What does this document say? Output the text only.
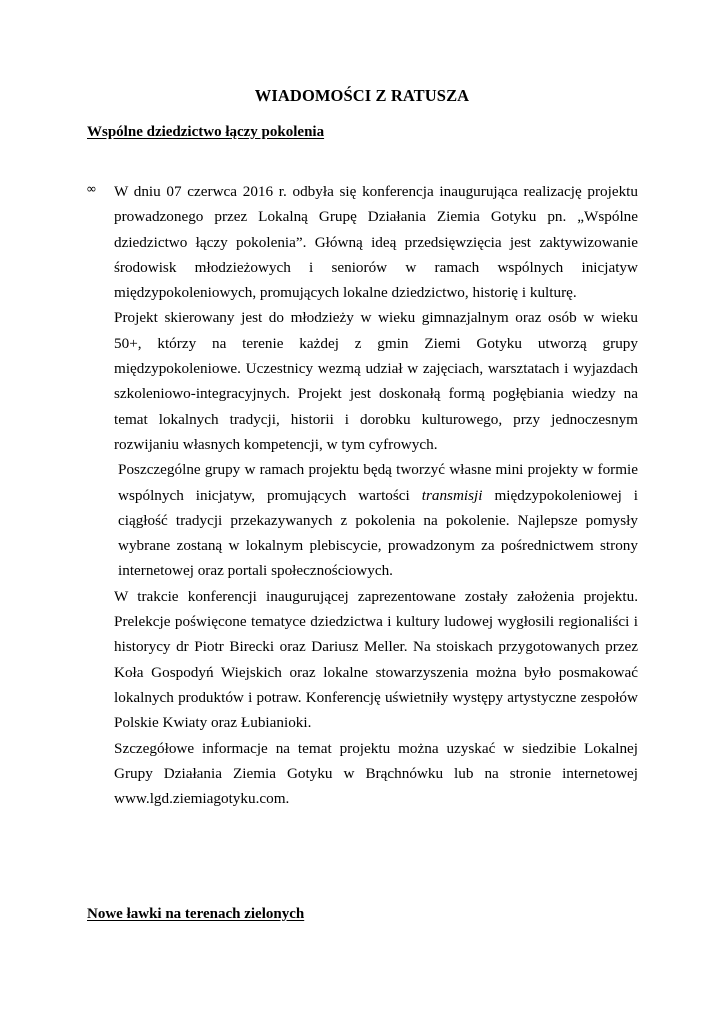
WIADOMOŚCI Z RATUSZA
Wspólne dziedzictwo łączy pokolenia
∞ W dniu 07 czerwca 2016 r. odbyła się konferencja inaugurująca realizację projektu prowadzonego przez Lokalną Grupę Działania Ziemia Gotyku pn. „Wspólne dziedzictwo łączy pokolenia”. Główną ideą przedsięwzięcia jest zaktywizowanie środowisk młodzieżowych i seniorów w ramach wspólnych inicjatyw międzypokoleniowych, promujących lokalne dziedzictwo, historię i kulturę.

Projekt skierowany jest do młodzieży w wieku gimnazjalnym oraz osób w wieku 50+, którzy na terenie każdej z gmin Ziemi Gotyku utworzą grupy międzypokoleniowe. Uczestnicy wezmą udział w zajęciach, warsztatach i wyjazdach szkoleniowo-integracyjnych. Projekt jest doskonałą formą pogłębiania wiedzy na temat lokalnych tradycji, historii i dorobku kulturowego, przy jednoczesnym rozwijaniu własnych kompetencji, w tym cyfrowych.

Poszczególne grupy w ramach projektu będą tworzyć własne mini projekty w formie wspólnych inicjatyw, promujących wartości transmisji międzypokoleniowej i ciągłość tradycji przekazywanych z pokolenia na pokolenie. Najlepsze pomysły wybrane zostaną w lokalnym plebiscycie, prowadzonym za pośrednictwem strony internetowej oraz portali społecznościowych.

W trakcie konferencji inaugurującej zaprezentowane zostały założenia projektu. Prelekcje poświęcone tematyce dziedzictwa i kultury ludowej wygłosili regionaliści i historycy dr Piotr Birecki oraz Dariusz Meller. Na stoiskach przygotowanych przez Koła Gospodyń Wiejskich oraz lokalne stowarzyszenia można było posmakować lokalnych produktów i potraw. Konferencję uświetniły występy artystyczne zespołów Polskie Kwiaty oraz Łubianioki.

Szczegółowe informacje na temat projektu można uzyskać w siedzibie Lokalnej Grupy Działania Ziemia Gotyku w Brąchnówku lub na stronie internetowej

www.lgd.ziemiagotyku.com.

Nowe ławki na terenach zielonych
